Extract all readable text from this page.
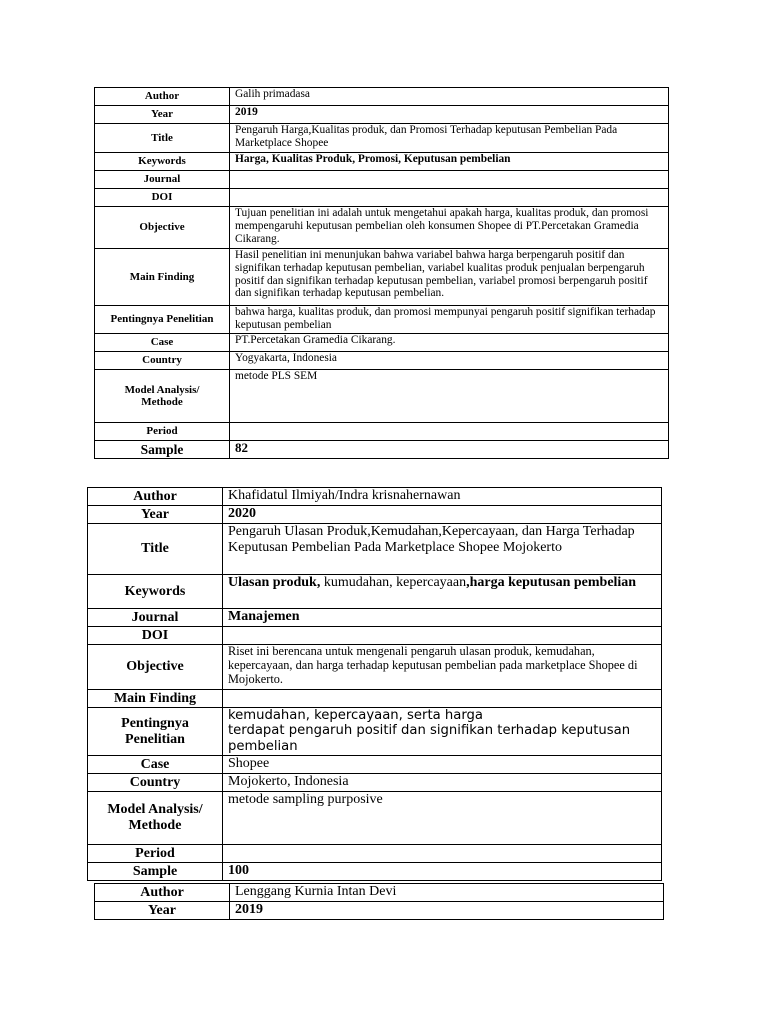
Author	Galih primadasa
Year	2019
Title	Pengaruh Harga,Kualitas produk, dan Promosi Terhadap keputusan Pembelian Pada Marketplace Shopee
Keywords	Harga, Kualitas Produk, Promosi, Keputusan pembelian
Journal	
DOI	
Objective	Tujuan penelitian ini adalah untuk mengetahui apakah harga, kualitas produk, dan promosi mempengaruhi keputusan pembelian oleh konsumen Shopee di PT.Percetakan Gramedia Cikarang.
Main Finding	Hasil penelitian ini menunjukan bahwa variabel bahwa harga berpengaruh positif dan signifikan terhadap keputusan pembelian, variabel kualitas produk penjualan berpengaruh positif dan signifikan terhadap keputusan pembelian, variabel promosi berpengaruh positif dan signifikan terhadap keputusan pembelian.
Pentingnya Penelitian	bahwa harga, kualitas produk, dan promosi mempunyai pengaruh positif signifikan terhadap keputusan pembelian
Case	PT.Percetakan Gramedia Cikarang.
Country	Yogyakarta, Indonesia
Model Analysis/
Methode	metode PLS SEM
Period	
Sample	82
Author	Khafidatul Ilmiyah/Indra krisnahernawan
Year	2020
Title	Pengaruh Ulasan Produk,Kemudahan,Kepercayaan, dan Harga Terhadap Keputusan Pembelian Pada Marketplace Shopee Mojokerto
Keywords	Ulasan produk, kumudahan, kepercayaan,harga keputusan pembelian
Journal	Manajemen
DOI	
Objective	Riset ini berencana untuk mengenali pengaruh ulasan produk, kemudahan, kepercayaan, dan harga terhadap keputusan pembelian pada marketplace Shopee di Mojokerto.
Main Finding	
Pentingnya
Penelitian	kemudahan, kepercayaan, serta harga
terdapat pengaruh positif dan signifikan terhadap keputusan pembelian
Case	Shopee
Country	Mojokerto, Indonesia
Model Analysis/
Methode	metode sampling purposive
Period	
Sample	100
Author	Lenggang Kurnia Intan Devi
Year	2019
